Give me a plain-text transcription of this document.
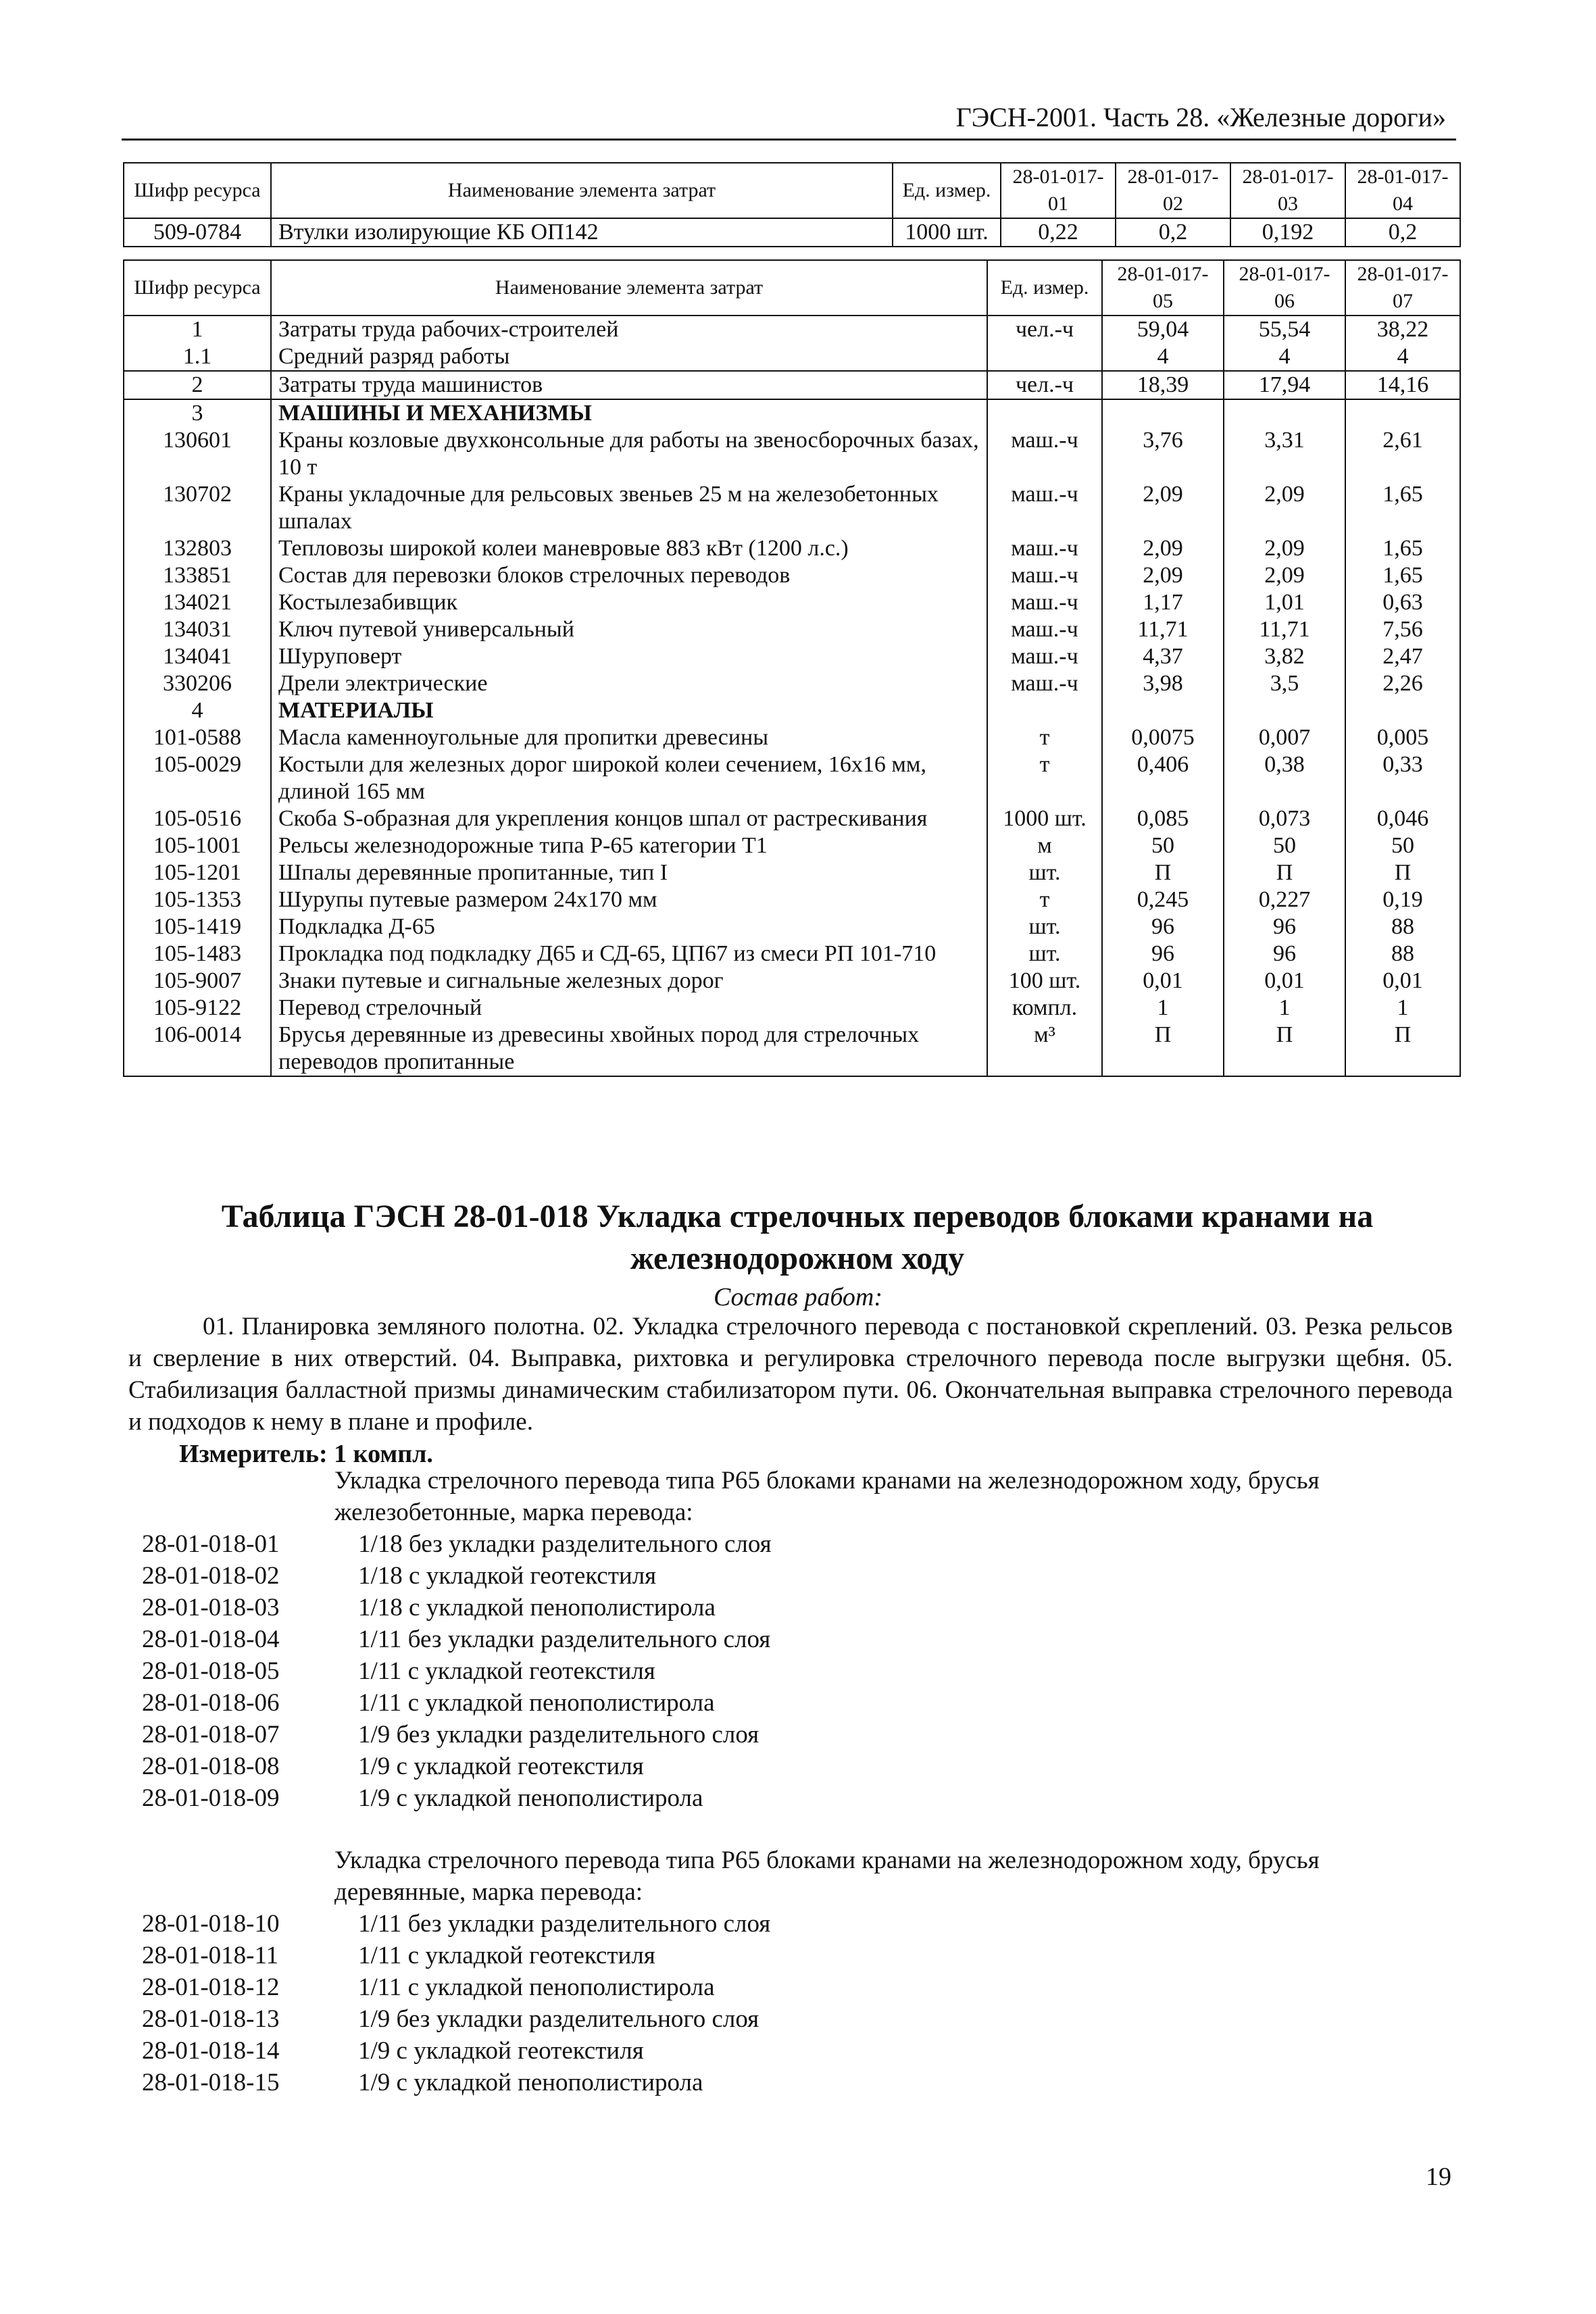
ГЭСН-2001. Часть 28. «Железные дороги»
Шифр ресурса	Наименование элемента затрат	Ед. измер.	28-01-017-01	28-01-017-02	28-01-017-03	28-01-017-04
509-0784	Втулки изолирующие КБ ОП142	1000 шт.	0,22	0,2	0,192	0,2
Шифр ресурса	Наименование элемента затрат	Ед. измер.	28-01-017-05	28-01-017-06	28-01-017-07
1	Затраты труда рабочих-строителей	чел.-ч	59,04	55,54	38,22
1.1	Средний разряд работы		4	4	4
2	Затраты труда машинистов	чел.-ч	18,39	17,94	14,16
3	МАШИНЫ И МЕХАНИЗМЫ				
130601	Краны козловые двухконсольные для работы на звеносборочных базах, 10 т	маш.-ч	3,76	3,31	2,61
130702	Краны укладочные для рельсовых звеньев 25 м на железобетонных шпалах	маш.-ч	2,09	2,09	1,65
132803	Тепловозы широкой колеи маневровые 883 кВт (1200 л.с.)	маш.-ч	2,09	2,09	1,65
133851	Состав для перевозки блоков стрелочных переводов	маш.-ч	2,09	2,09	1,65
134021	Костылезабивщик	маш.-ч	1,17	1,01	0,63
134031	Ключ путевой универсальный	маш.-ч	11,71	11,71	7,56
134041	Шуруповерт	маш.-ч	4,37	3,82	2,47
330206	Дрели электрические	маш.-ч	3,98	3,5	2,26
4	МАТЕРИАЛЫ				
101-0588	Масла каменноугольные для пропитки древесины	т	0,0075	0,007	0,005
105-0029	Костыли для железных дорог широкой колеи сечением, 16х16 мм, длиной 165 мм	т	0,406	0,38	0,33
105-0516	Скоба S-образная для укрепления концов шпал от растрескивания	1000 шт.	0,085	0,073	0,046
105-1001	Рельсы железнодорожные типа Р-65 категории Т1	м	50	50	50
105-1201	Шпалы деревянные пропитанные, тип I	шт.	П	П	П
105-1353	Шурупы путевые размером 24х170 мм	т	0,245	0,227	0,19
105-1419	Подкладка Д-65	шт.	96	96	88
105-1483	Прокладка под подкладку Д65 и СД-65, ЦП67 из смеси РП 101-710	шт.	96	96	88
105-9007	Знаки путевые и сигнальные железных дорог	100 шт.	0,01	0,01	0,01
105-9122	Перевод стрелочный	компл.	1	1	1
106-0014	Брусья деревянные из древесины хвойных пород для стрелочных переводов пропитанные	м³	П	П	П
Таблица ГЭСН 28-01-018 Укладка стрелочных переводов блоками кранами на железнодорожном ходу
Состав работ:
01. Планировка земляного полотна. 02. Укладка стрелочного перевода с постановкой скреплений. 03. Резка рельсов и сверление в них отверстий. 04. Выправка, рихтовка и регулировка стрелочного перевода после выгрузки щебня. 05. Стабилизация балластной призмы динамическим стабилизатором пути. 06. Окончательная выправка стрелочного перевода и подходов к нему в плане и профиле.
Измеритель: 1 компл.
Укладка стрелочного перевода типа Р65 блоками кранами на железнодорожном ходу, брусья железобетонные, марка перевода:
28-01-018-01	1/18 без укладки разделительного слоя
28-01-018-02	1/18 с укладкой геотекстиля
28-01-018-03	1/18 с укладкой пенополистирола
28-01-018-04	1/11 без укладки разделительного слоя
28-01-018-05	1/11 с укладкой геотекстиля
28-01-018-06	1/11 с укладкой пенополистирола
28-01-018-07	1/9 без укладки разделительного слоя
28-01-018-08	1/9 с укладкой геотекстиля
28-01-018-09	1/9 с укладкой пенополистирола
Укладка стрелочного перевода типа Р65 блоками кранами на железнодорожном ходу, брусья деревянные, марка перевода:
28-01-018-10	1/11 без укладки разделительного слоя
28-01-018-11	1/11 с укладкой геотекстиля
28-01-018-12	1/11 с укладкой пенополистирола
28-01-018-13	1/9 без укладки разделительного слоя
28-01-018-14	1/9 с укладкой геотекстиля
28-01-018-15	1/9 с укладкой пенополистирола
19
